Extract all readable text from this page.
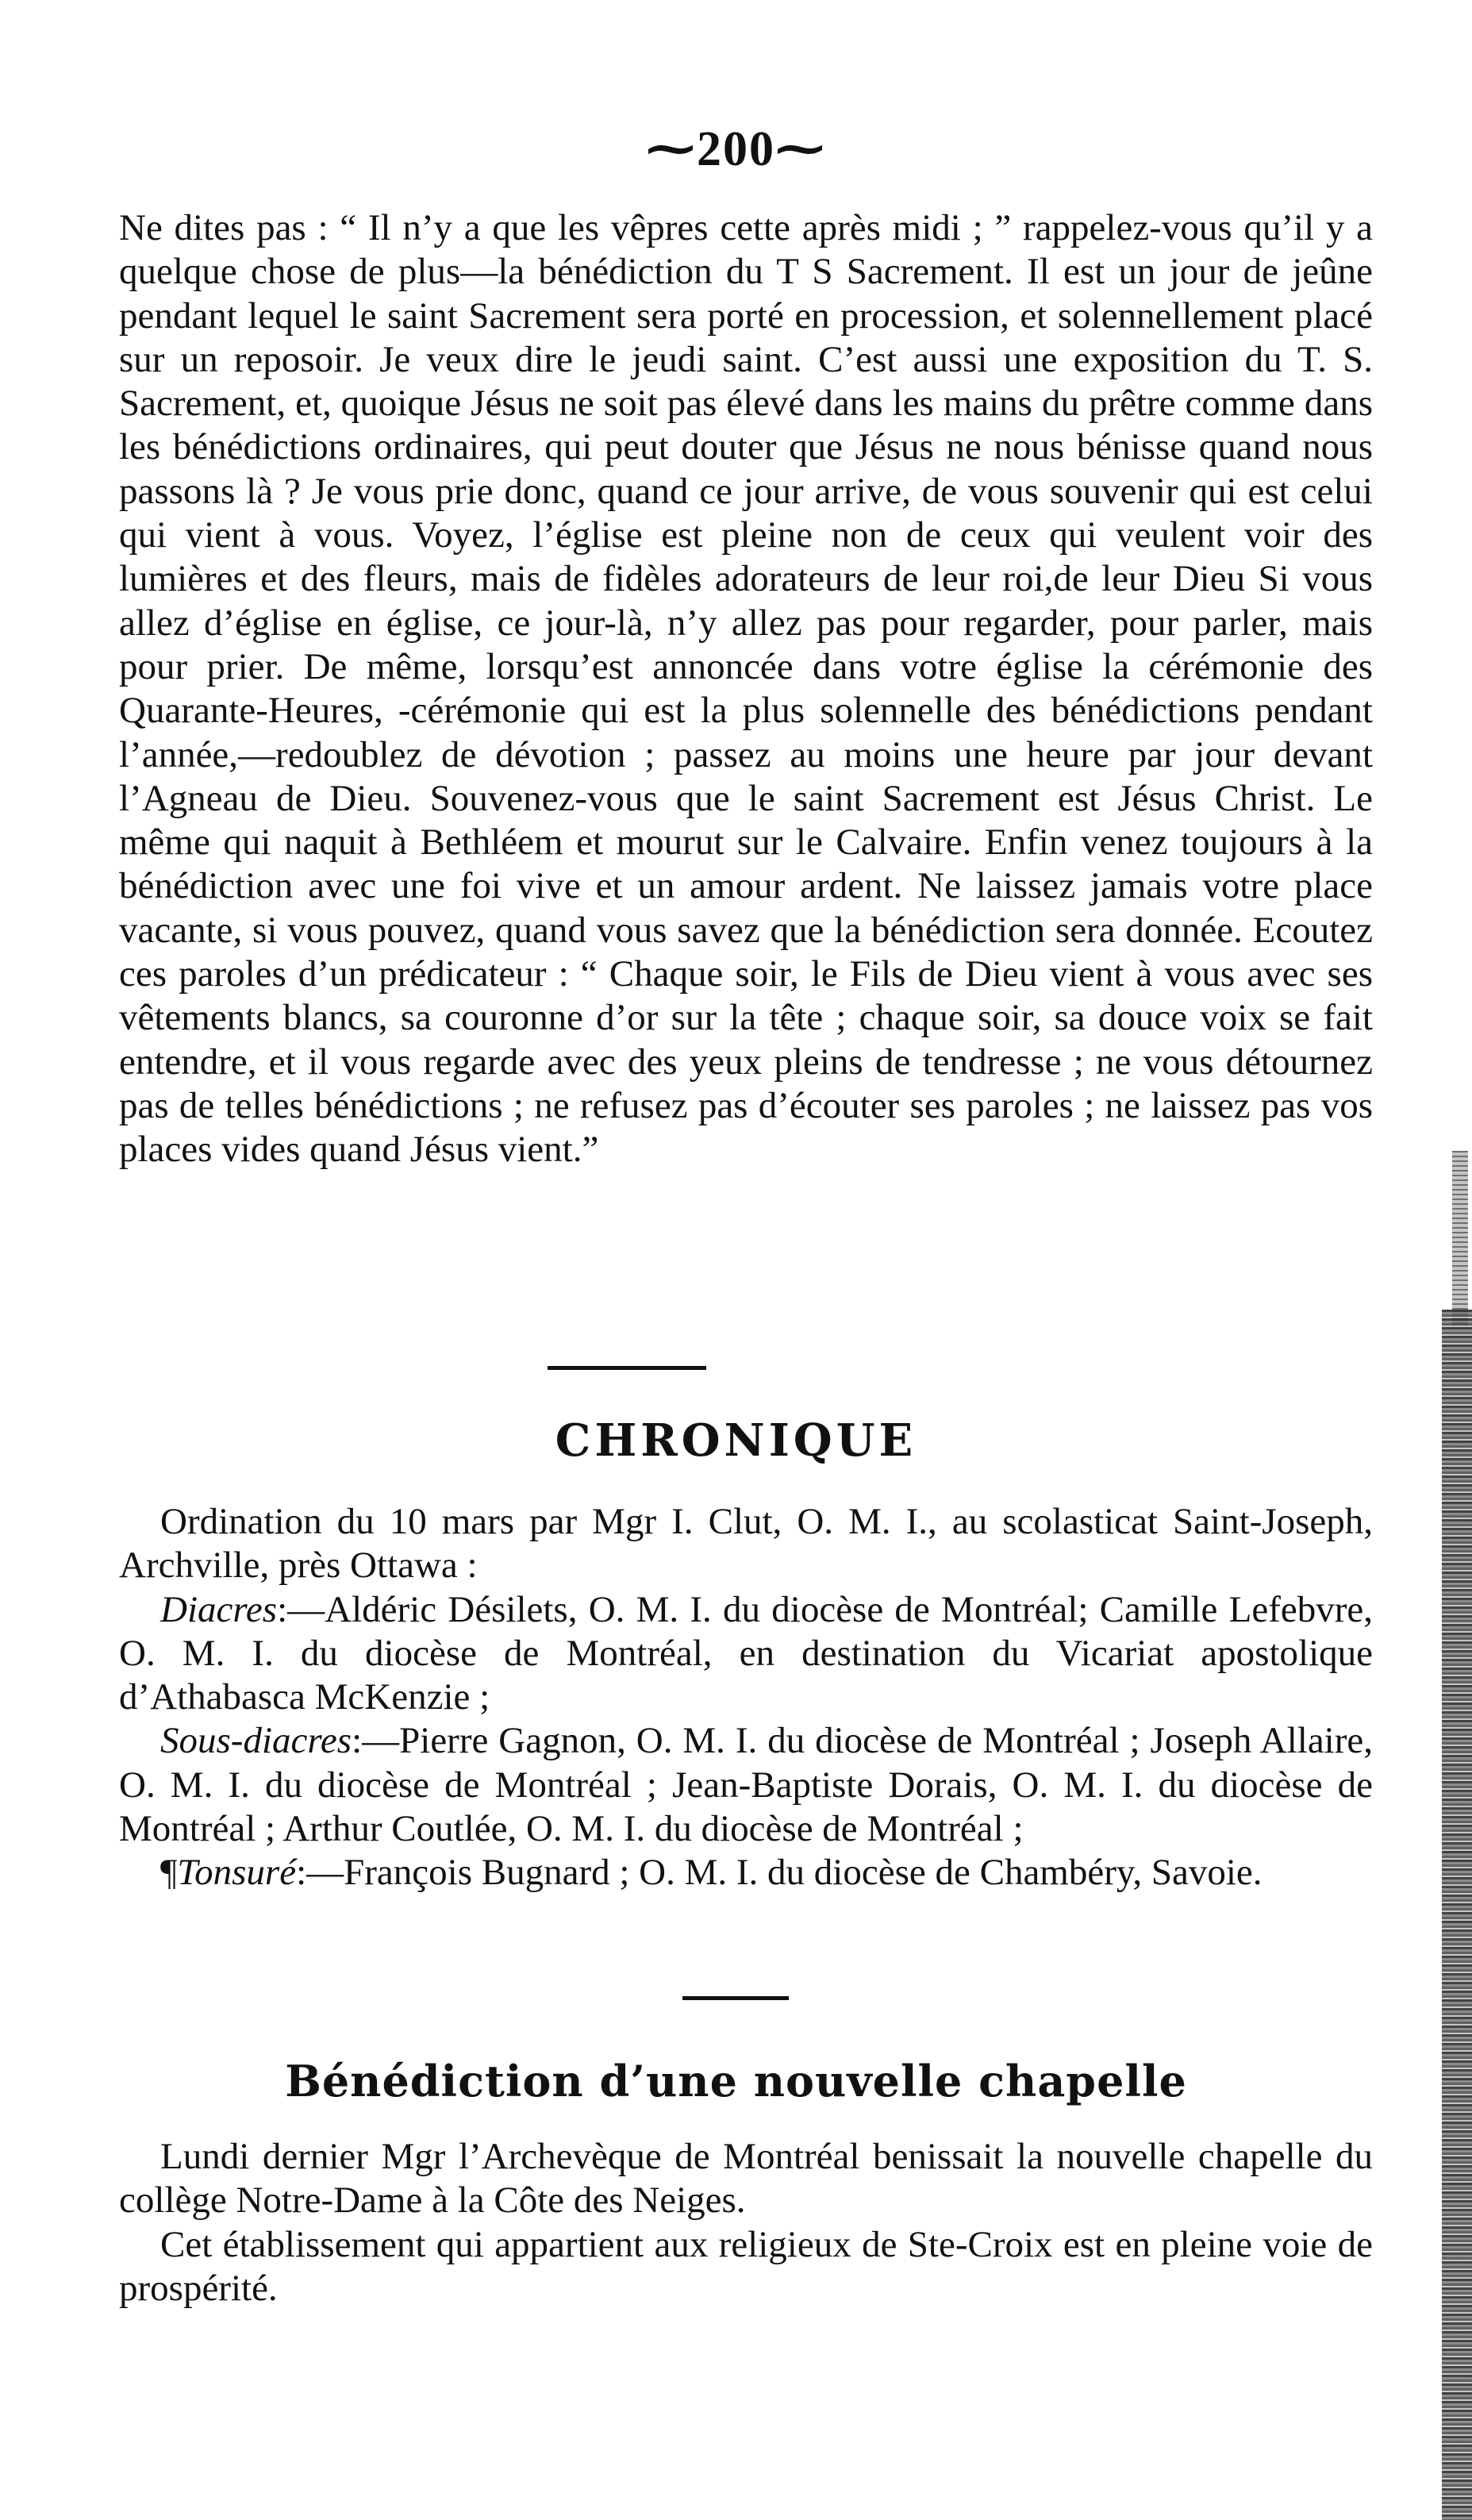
⁓200⁓

Ne dites pas : “ Il n’y a que les vêpres cette après midi ; ” rappelez-vous qu’il y a quelque chose de plus—la bénédiction du T S Sacrement. Il est un jour de jeûne pendant lequel le saint Sacrement sera porté en procession, et solennellement placé sur un reposoir. Je veux dire le jeudi saint. C’est aussi une exposition du T. S. Sacrement, et, quoique Jésus ne soit pas élevé dans les mains du prêtre comme dans les bénédictions ordinaires, qui peut douter que Jésus ne nous bénisse quand nous passons là ? Je vous prie donc, quand ce jour arrive, de vous souvenir qui est celui qui vient à vous. Voyez, l’église est pleine non de ceux qui veulent voir des lumières et des fleurs, mais de fidèles adorateurs de leur roi,de leur Dieu Si vous allez d’église en église, ce jour-là, n’y allez pas pour regarder, pour parler, mais pour prier. De même, lorsqu’est annoncée dans votre église la cérémonie des Quarante-Heures, -cérémonie qui est la plus solennelle des bénédictions pendant l’année,—redoublez de dévotion ; passez au moins une heure par jour devant l’Agneau de Dieu. Souvenez-vous que le saint Sacrement est Jésus Christ. Le même qui naquit à Bethléem et mourut sur le Calvaire. Enfin venez toujours à la bénédiction avec une foi vive et un amour ardent. Ne laissez jamais votre place vacante, si vous pouvez, quand vous savez que la bénédiction sera donnée. Ecoutez ces paroles d’un prédicateur : “ Chaque soir, le Fils de Dieu vient à vous avec ses vêtements blancs, sa couronne d’or sur la tête ; chaque soir, sa douce voix se fait entendre, et il vous regarde avec des yeux pleins de tendresse ; ne vous détournez pas de telles bénédictions ; ne refusez pas d’écouter ses paroles ; ne laissez pas vos places vides quand Jésus vient.”

CHRONIQUE

Ordination du 10 mars par Mgr I. Clut, O. M. I., au scolasticat Saint-Joseph, Archville, près Ottawa :

Diacres:—Aldéric Désilets, O. M. I. du diocèse de Montréal; Camille Lefebvre, O. M. I. du diocèse de Montréal, en destination du Vicariat apostolique d’Athabasca McKenzie ;

Sous-diacres:—Pierre Gagnon, O. M. I. du diocèse de Montréal ; Joseph Allaire, O. M. I. du diocèse de Montréal ; Jean-Baptiste Dorais, O. M. I. du diocèse de Montréal ; Arthur Coutlée, O. M. I. du diocèse de Montréal ;

¶Tonsuré:—François Bugnard ; O. M. I. du diocèse de Chambéry, Savoie.

Bénédiction d’une nouvelle chapelle

Lundi dernier Mgr l’Archevèque de Montréal benissait la nouvelle chapelle du collège Notre-Dame à la Côte des Neiges.

Cet établissement qui appartient aux religieux de Ste-Croix est en pleine voie de prospérité.
